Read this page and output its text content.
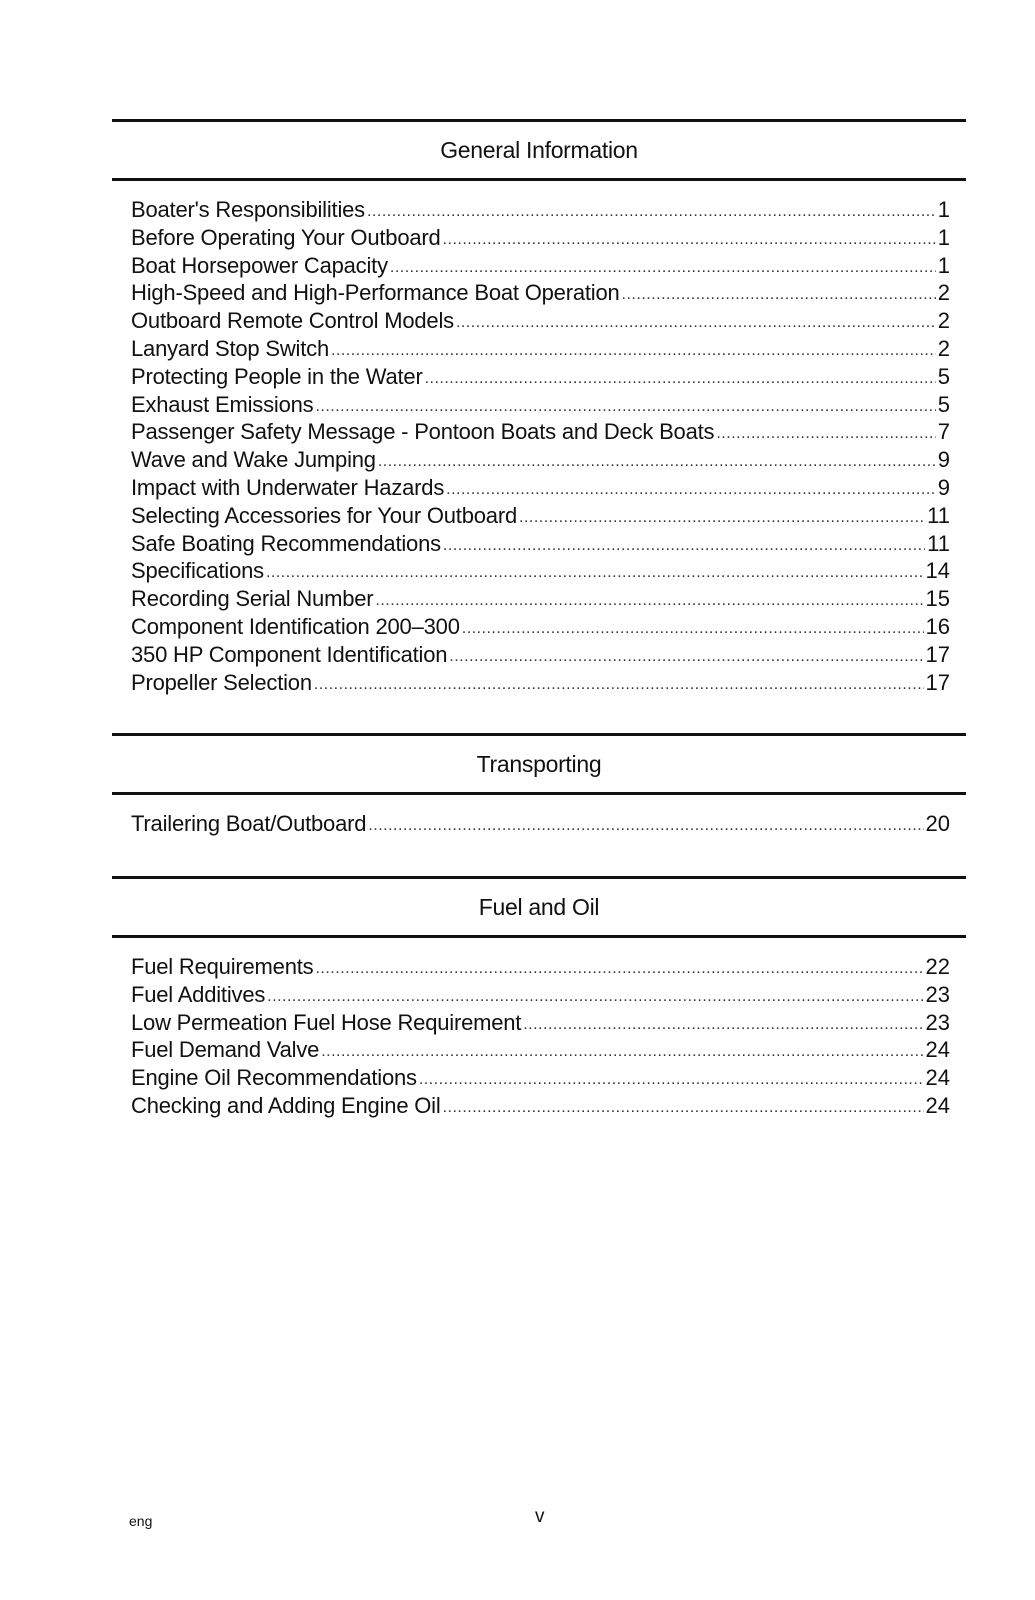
General Information
Boater's Responsibilities .....	1
Before Operating Your Outboard .....	1
Boat Horsepower Capacity .....	1
High-Speed and High-Performance Boat Operation .....	2
Outboard Remote Control Models .....	2
Lanyard Stop Switch .....	2
Protecting People in the Water .....	5
Exhaust Emissions .....	5
Passenger Safety Message - Pontoon Boats and Deck Boats .....	7
Wave and Wake Jumping .....	9
Impact with Underwater Hazards .....	9
Selecting Accessories for Your Outboard .....	11
Safe Boating Recommendations .....	11
Specifications .....	14
Recording Serial Number .....	15
Component Identification 200–300 .....	16
350 HP Component Identification .....	17
Propeller Selection .....	17
Transporting
Trailering Boat/Outboard .....	20
Fuel and Oil
Fuel Requirements .....	22
Fuel Additives .....	23
Low Permeation Fuel Hose Requirement .....	23
Fuel Demand Valve .....	24
Engine Oil Recommendations .....	24
Checking and Adding Engine Oil .....	24
eng	v
